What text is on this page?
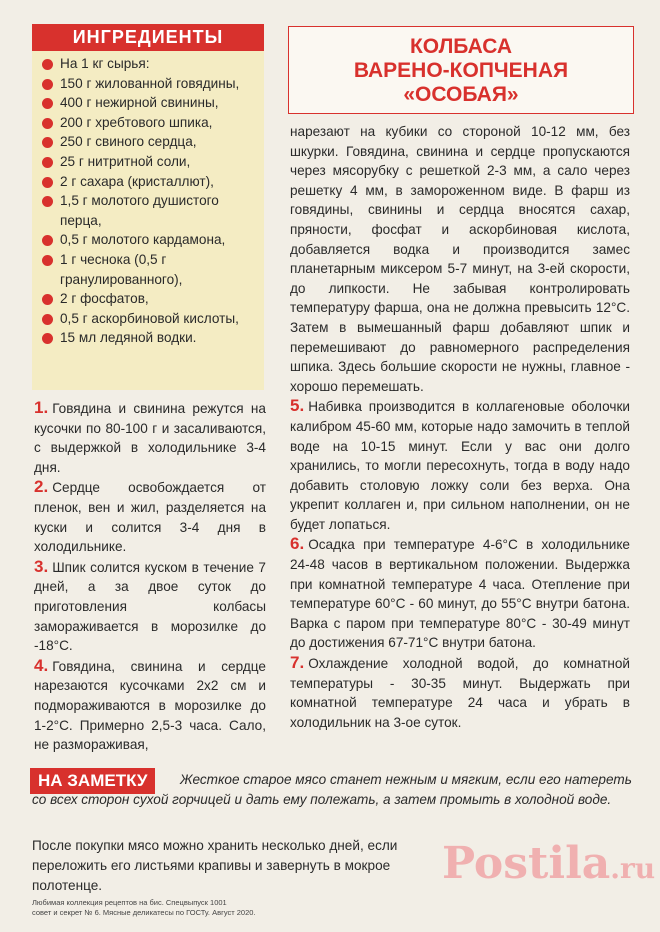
ИНГРЕДИЕНТЫ
На 1 кг сырья:
150 г жилованной говядины,
400 г нежирной свинины,
200 г хребтового шпика,
250 г свиного сердца,
25 г нитритной соли,
2 г сахара (кристаллют),
1,5 г молотого душистого перца,
0,5 г молотого кардамона,
1 г чеснока (0,5 г гранулированного),
2 г фосфатов,
0,5 г аскорбиновой кислоты,
15 мл ледяной водки.
КОЛБАСА
ВАРЕНО-КОПЧЕНАЯ
«ОСОБАЯ»

1. Говядина и свинина режутся на кусочки по 80-100 г и засаливаются, с выдержкой в холодильнике 3-4 дня.

2. Сердце освобождается от пленок, вен и жил, разделяется на куски и солится 3-4 дня в холодильнике.

3. Шпик солится куском в течение 7 дней, а за двое суток до приготовления колбасы замораживается в морозилке до -18°С.

4. Говядина, свинина и сердце нарезаются кусочками 2х2 см и подмораживаются в морозилке до 1-2°С. Примерно 2,5-3 часа. Сало, не размораживая,

нарезают на кубики со стороной 10-12 мм, без шкурки. Говядина, свинина и сердце пропускаются через мясорубку с решеткой 2-3 мм, а сало через решетку 4 мм, в замороженном виде. В фарш из говядины, свинины и сердца вносятся сахар, пряности, фосфат и аскорбиновая кислота, добавляется водка и производится замес планетарным миксером 5-7 минут, на 3-ей скорости, до липкости. Не забывая контролировать температуру фарша, она не должна превысить 12°С. Затем в вымешанный фарш добавляют шпик и перемешивают до равномерного распределения шпика. Здесь большие скорости не нужны, главное - хорошо перемешать.

5. Набивка производится в коллагеновые оболочки калибром 45-60 мм, которые надо замочить в теплой воде на 10-15 минут. Если у вас они долго хранились, то могли пересохнуть, тогда в воду надо добавить столовую ложку соли без верха. Она укрепит коллаген и, при сильном наполнении, он не будет лопаться.

6. Осадка при температуре 4-6°С в холодильнике 24-48 часов в вертикальном положении. Выдержка при комнатной температуре 4 часа. Отепление при температуре 60°С - 60 минут, до 55°С внутри батона. Варка с паром при температуре 80°С - 30-49 минут до достижения 67-71°С внутри батона.

7. Охлаждение холодной водой, до комнатной температуры - 30-35 минут. Выдержать при комнатной температуре 24 часа и убрать в холодильник на 3-ое суток.

НА ЗАМЕТКУ	Жесткое старое мясо станет нежным и мягким, если его натереть со всех сторон сухой горчицей и дать ему полежать, а затем промыть в холодной воде.
После покупки мясо можно хранить несколько дней, если переложить его листьями крапивы и завернуть в мокрое полотенце.
Любимая коллекция рецептов на бис. Спецвыпуск 1001
совет и секрет № 6. Мясные деликатесы по ГОСТу. Август 2020.
Postila.ru
